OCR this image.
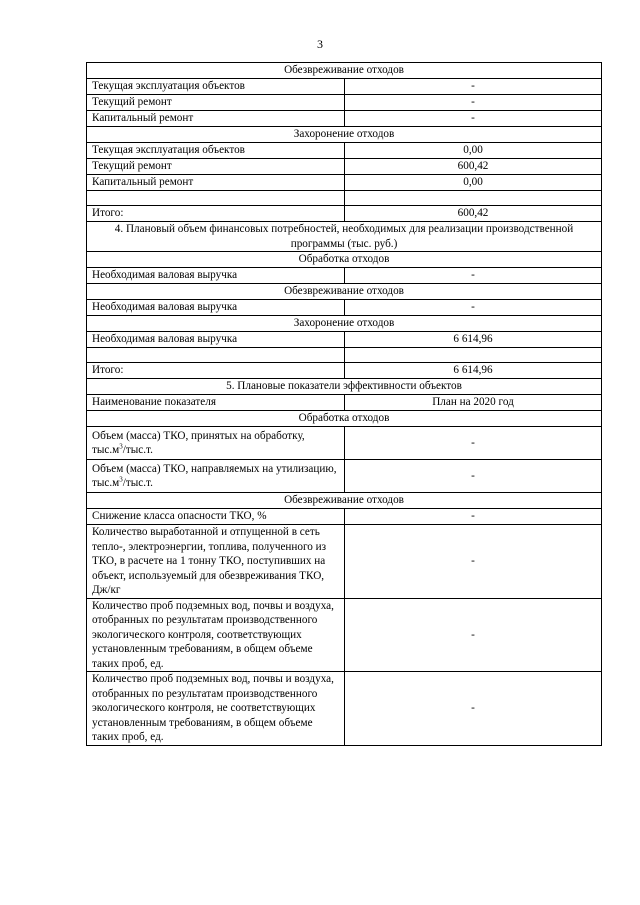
3
Обезвреживание отходов	
Текущая эксплуатация объектов	-
Текущий ремонт	-
Капитальный ремонт	-
Захоронение отходов	
Текущая эксплуатация объектов	0,00
Текущий ремонт	600,42
Капитальный ремонт	0,00

Итого:	600,42
4. Плановый объем финансовых потребностей, необходимых для реализации производственной программы (тыс. руб.)	
Обработка отходов	
Необходимая валовая выручка	-
Обезвреживание отходов	
Необходимая валовая выручка	-
Захоронение отходов	
Необходимая валовая выручка	6 614,96

Итого:	6 614,96
5. Плановые показатели эффективности объектов	
Наименование показателя	План на 2020 год
Обработка отходов	
Объем (масса) ТКО, принятых на обработку, $тыс.м^3/тыс.т$.	-
Объем (масса) ТКО, направляемых на утилизацию, $тыс.м^3/тыс.т$.	-
Обезвреживание отходов	
Снижение класса опасности ТКО, %	-
Количество выработанной и отпущенной в сеть тепло-, электроэнергии, топлива, полученного из ТКО, в расчете на 1 тонну ТКО, поступивших на объект, используемый для обезвреживания ТКО, Дж/кг	-
Количество проб подземных вод, почвы и воздуха, отобранных по результатам производственного экологического контроля, соответствующих установленным требованиям, в общем объеме таких проб, ед.	-
Количество проб подземных вод, почвы и воздуха, отобранных по результатам производственного экологического контроля, не соответствующих установленным требованиям, в общем объеме таких проб, ед.	-
